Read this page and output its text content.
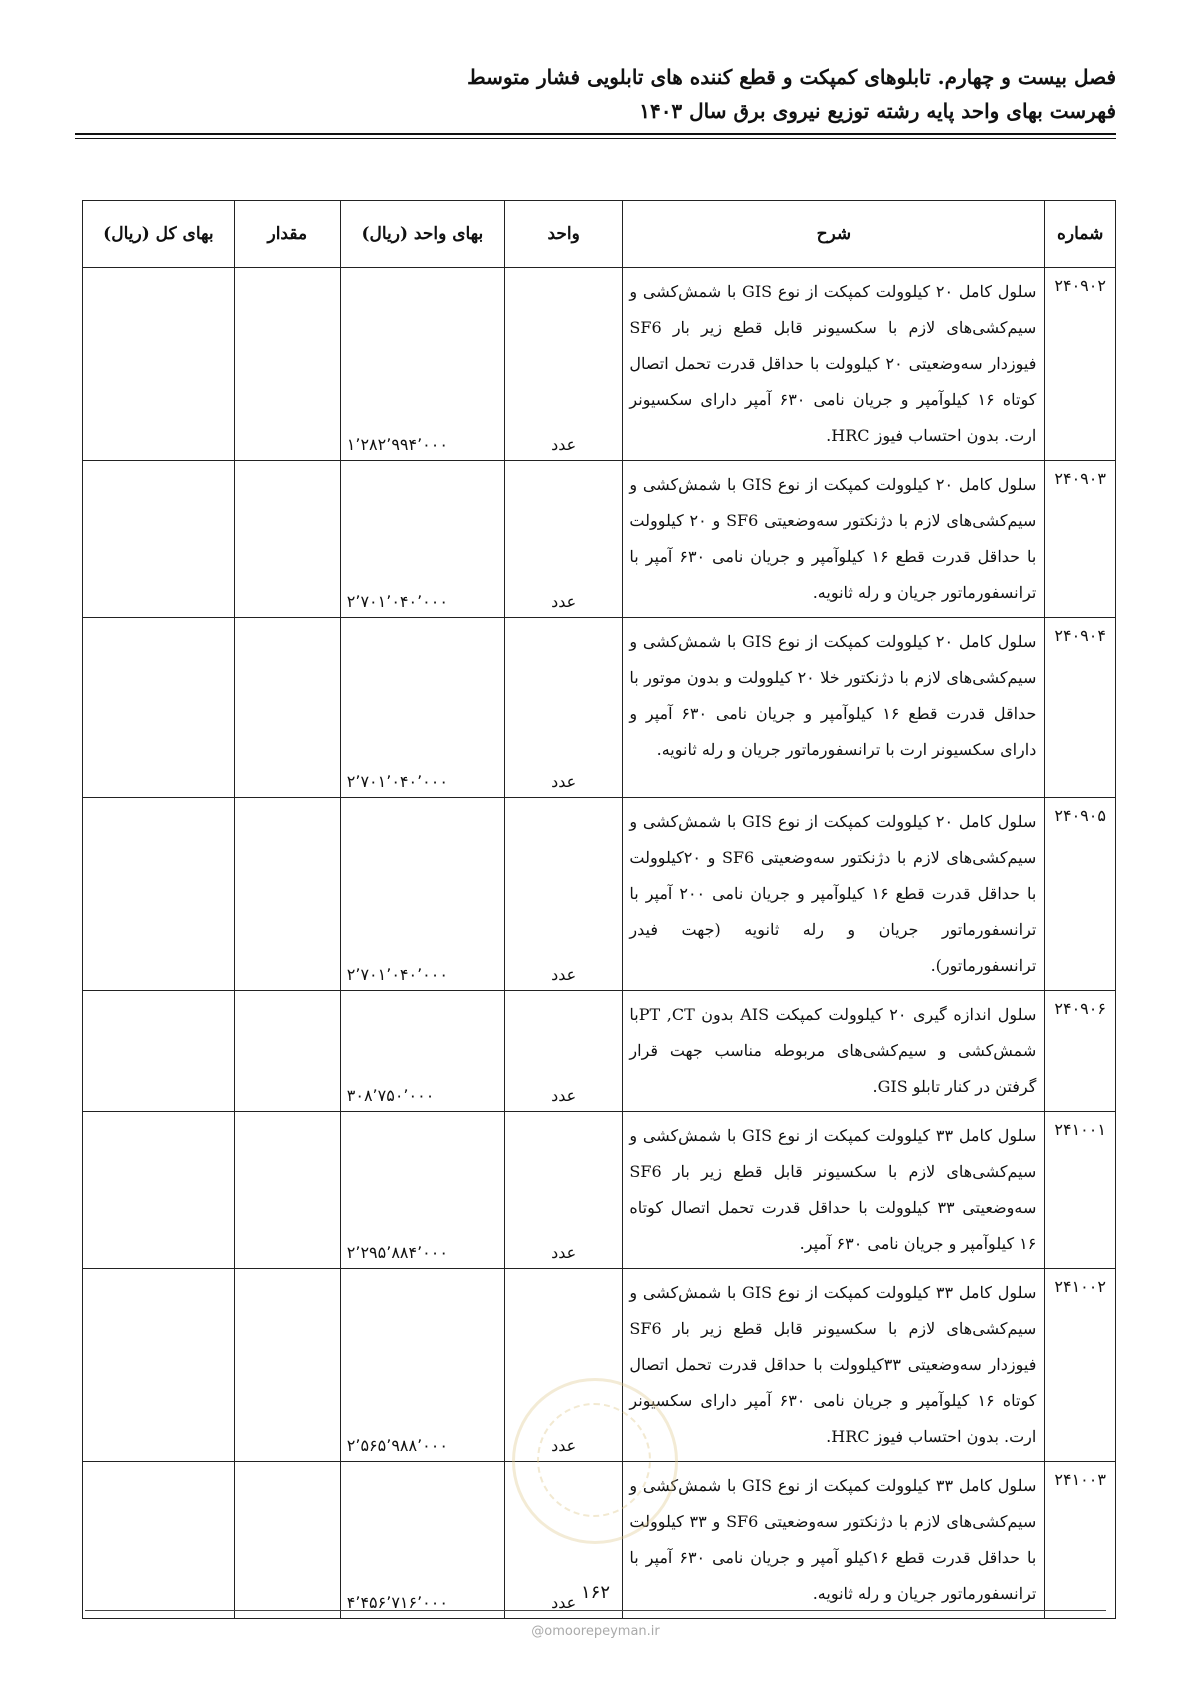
فصل بیست و چهارم. تابلوهای کمپکت و قطع کننده های تابلویی فشار متوسط
فهرست بهای واحد پایه رشته توزیع نیروی برق سال ۱۴۰۳
شماره	شرح	واحد	بهای واحد (ریال)	مقدار	بهای کل (ریال)
۲۴۰۹۰۲	سلول کامل ۲۰ کیلوولت کمپکت از نوع GIS با شمش‌کشی و سیم‌کشی‌های لازم با سکسیونر قابل قطع زیر بار SF6 فیوزدار سه‌وضعیتی ۲۰ کیلوولت با حداقل قدرت تحمل اتصال کوتاه ۱۶ کیلوآمپر و جریان نامی ۶۳۰ آمپر دارای سکسیونر ارت. بدون احتساب فیوز HRC.	عدد	۱٬۲۸۲٬۹۹۴٬۰۰۰		
۲۴۰۹۰۳	سلول کامل ۲۰ کیلوولت کمپکت از نوع GIS با شمش‌کشی و سیم‌کشی‌های لازم با دژنکتور سه‌وضعیتی SF6 و ۲۰ کیلوولت با حداقل قدرت قطع ۱۶ کیلوآمپر و جریان نامی ۶۳۰ آمپر با ترانسفورماتور جریان و رله ثانویه.	عدد	۲٬۷۰۱٬۰۴۰٬۰۰۰		
۲۴۰۹۰۴	سلول کامل ۲۰ کیلوولت کمپکت از نوع GIS با شمش‌کشی و سیم‌کشی‌های لازم با دژنکتور خلا ۲۰ کیلوولت و بدون موتور با حداقل قدرت قطع ۱۶ کیلوآمپر و جریان نامی ۶۳۰ آمپر و دارای سکسیونر ارت با ترانسفورماتور جریان و رله ثانویه.	عدد	۲٬۷۰۱٬۰۴۰٬۰۰۰		
۲۴۰۹۰۵	سلول کامل ۲۰ کیلوولت کمپکت از نوع GIS با شمش‌کشی و سیم‌کشی‌های لازم با دژنکتور سه‌وضعیتی SF6 و ۲۰کیلوولت با حداقل قدرت قطع ۱۶ کیلوآمپر و جریان نامی ۲۰۰ آمپر با ترانسفورماتور جریان و رله ثانویه (جهت فیدر ترانسفورماتور).	عدد	۲٬۷۰۱٬۰۴۰٬۰۰۰		
۲۴۰۹۰۶	سلول اندازه گیری ۲۰ کیلوولت کمپکت AIS بدون PT ,CTبا شمش‌کشی و سیم‌کشی‌های مربوطه مناسب جهت قرار گرفتن در کنار تابلو GIS.	عدد	۳۰۸٬۷۵۰٬۰۰۰		
۲۴۱۰۰۱	سلول کامل ۳۳ کیلوولت کمپکت از نوع GIS با شمش‌کشی و سیم‌کشی‌های لازم با سکسیونر قابل قطع زیر بار SF6 سه‌وضعیتی ۳۳ کیلوولت با حداقل قدرت تحمل اتصال کوتاه ۱۶ کیلوآمپر و جریان نامی ۶۳۰ آمپر.	عدد	۲٬۲۹۵٬۸۸۴٬۰۰۰		
۲۴۱۰۰۲	سلول کامل ۳۳ کیلوولت کمپکت از نوع GIS با شمش‌کشی و سیم‌کشی‌های لازم با سکسیونر قابل قطع زیر بار SF6 فیوزدار سه‌وضعیتی ۳۳کیلوولت با حداقل قدرت تحمل اتصال کوتاه ۱۶ کیلوآمپر و جریان نامی ۶۳۰ آمپر دارای سکسیونر ارت. بدون احتساب فیوز HRC.	عدد	۲٬۵۶۵٬۹۸۸٬۰۰۰		
۲۴۱۰۰۳	سلول کامل ۳۳ کیلوولت کمپکت از نوع GIS با شمش‌کشی و سیم‌کشی‌های لازم با دژنکتور سه‌وضعیتی SF6 و ۳۳ کیلوولت با حداقل قدرت قطع ۱۶کیلو آمپر و جریان نامی ۶۳۰ آمپر با ترانسفورماتور جریان و رله ثانویه.	عدد	۴٬۴۵۶٬۷۱۶٬۰۰۰			۱۶۲
@omoorepeyman.ir
